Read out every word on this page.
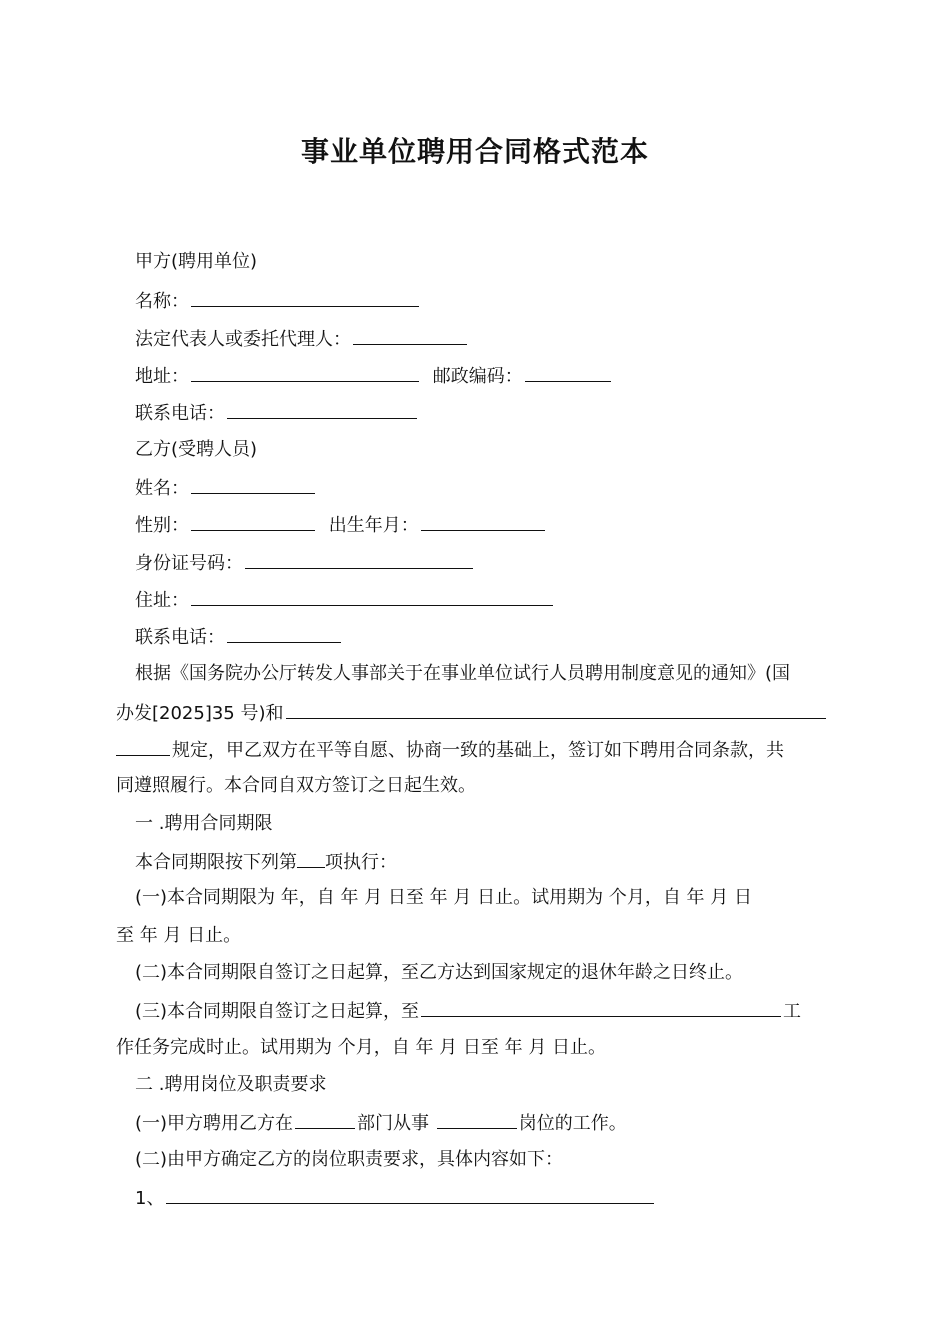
事业单位聘用合同格式范本
甲方(聘用单位)
名称：
法定代表人或委托代理人：
地址：	邮政编码：
联系电话：
乙方(受聘人员)
姓名：
性别：	出生年月：
身份证号码：
住址：
联系电话：
根据《国务院办公厅转发人事部关于在事业单位试行人员聘用制度意见的通知》(国
办发[2025]35 号)和
规定，甲乙双方在平等自愿、协商一致的基础上，签订如下聘用合同条款，共
同遵照履行。本合同自双方签订之日起生效。
一 .聘用合同期限
本合同期限按下列第 项执行：
(一)本合同期限为 年，自 年 月 日至 年 月 日止。试用期为 个月，自 年 月 日
至 年 月 日止。
(二)本合同期限自签订之日起算，至乙方达到国家规定的退休年龄之日终止。
(三)本合同期限自签订之日起算，至	工
作任务完成时止。试用期为 个月，自 年 月 日至 年 月 日止。
二 .聘用岗位及职责要求
(一)甲方聘用乙方在	部门从事	岗位的工作。
(二)由甲方确定乙方的岗位职责要求，具体内容如下：
1、
